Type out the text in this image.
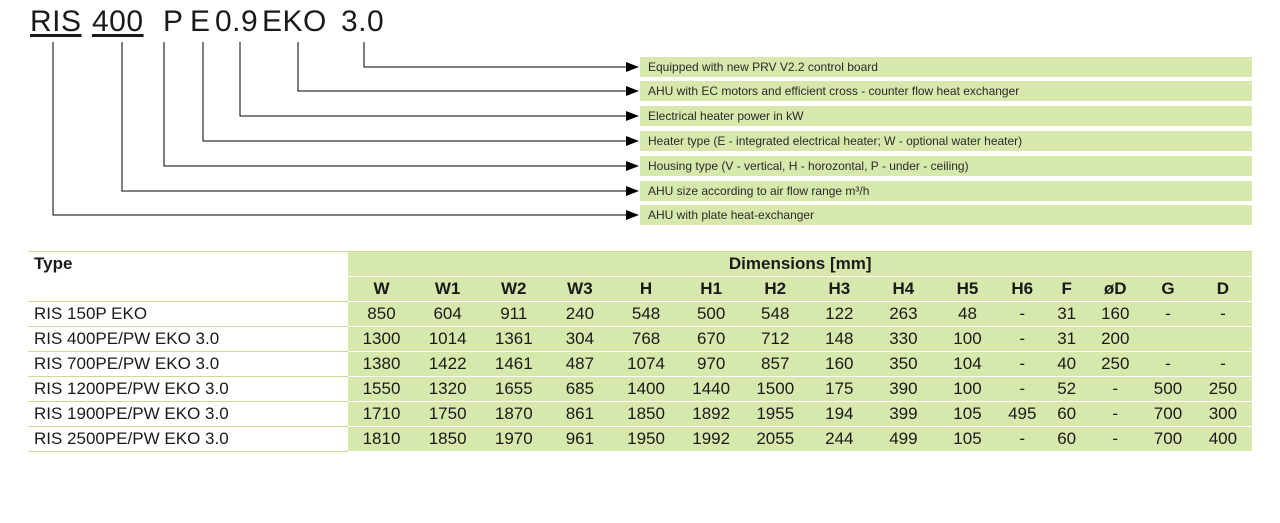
RIS 400 P E 0.9 EKO 3.0
Equipped with new PRV V2.2 control board
AHU with EC motors and efficient cross - counter flow heat exchanger
Electrical heater power in kW
Heater type (E - integrated electrical heater; W - optional water heater)
Housing type (V - vertical, H - horozontal, P - under - ceiling)
AHU size according to air flow range m³/h
AHU with plate heat-exchanger
Type	Dimensions [mm]														
	W	W1	W2	W3	H	H1	H2	H3	H4	H5	H6	F	øD	G	D
RIS 150P EKO	850	604	911	240	548	500	548	122	263	48	-	31	160	-	-
RIS 400PE/PW EKO 3.0	1300	1014	1361	304	768	670	712	148	330	100	-	31	200		
RIS 700PE/PW EKO 3.0	1380	1422	1461	487	1074	970	857	160	350	104	-	40	250	-	-
RIS 1200PE/PW EKO 3.0	1550	1320	1655	685	1400	1440	1500	175	390	100	-	52	-	500	250
RIS 1900PE/PW EKO 3.0	1710	1750	1870	861	1850	1892	1955	194	399	105	495	60	-	700	300
RIS 2500PE/PW EKO 3.0	1810	1850	1970	961	1950	1992	2055	244	499	105	-	60	-	700	400
